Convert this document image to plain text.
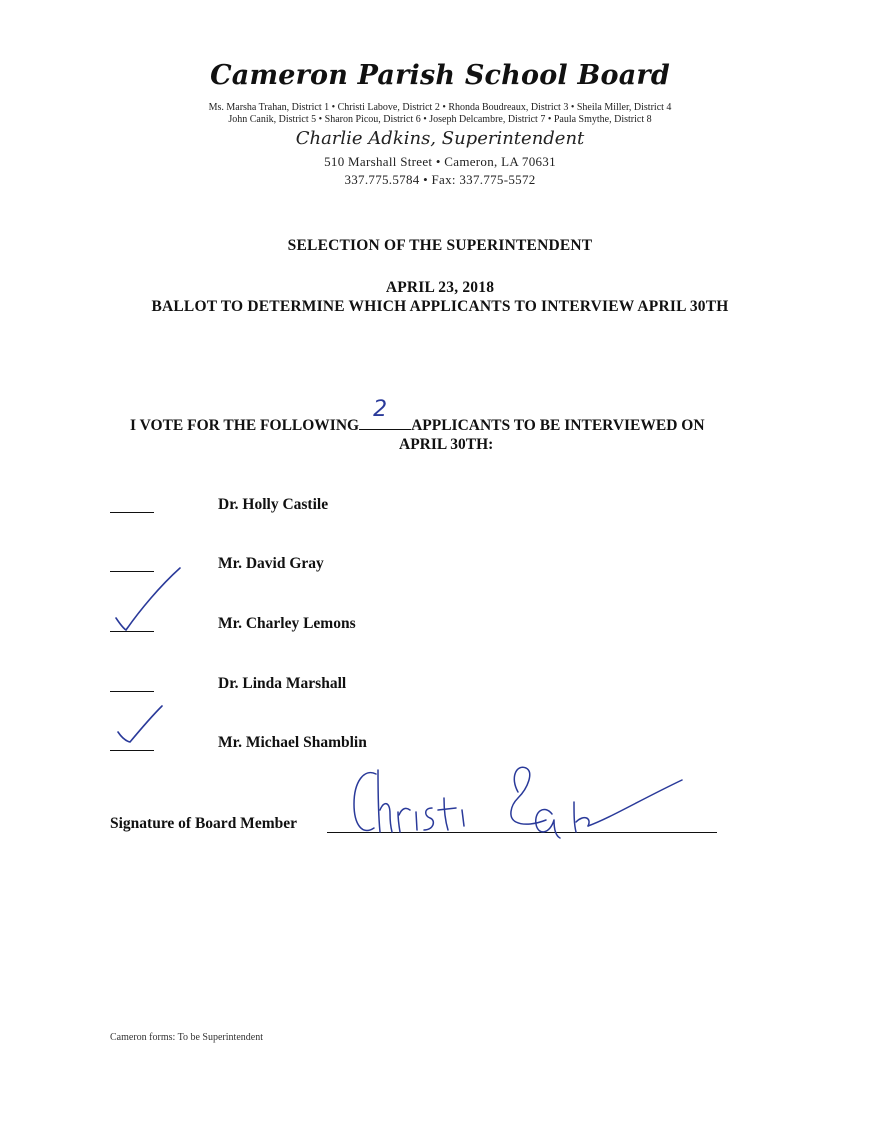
Cameron Parish School Board
Ms. Marsha Trahan, District 1 • Christi Labove, District 2 • Rhonda Boudreaux, District 3 • Sheila Miller, District 4
John Canik, District 5 • Sharon Picou, District 6 • Joseph Delcambre, District 7 • Paula Smythe, District 8
Charlie Adkins, Superintendent
510 Marshall Street • Cameron, LA 70631
337.775.5784 • Fax: 337.775-5572
SELECTION OF THE SUPERINTENDENT
APRIL 23, 2018
BALLOT TO DETERMINE WHICH APPLICANTS TO INTERVIEW APRIL 30TH
I VOTE FOR THE FOLLOWING
2
APPLICANTS TO BE INTERVIEWED ON
APRIL 30TH:
Dr. Holly Castile
Mr. David Gray
Mr. Charley Lemons
Dr. Linda Marshall
Mr. Michael Shamblin
Signature of Board Member
Cameron forms: To be Superintendent
